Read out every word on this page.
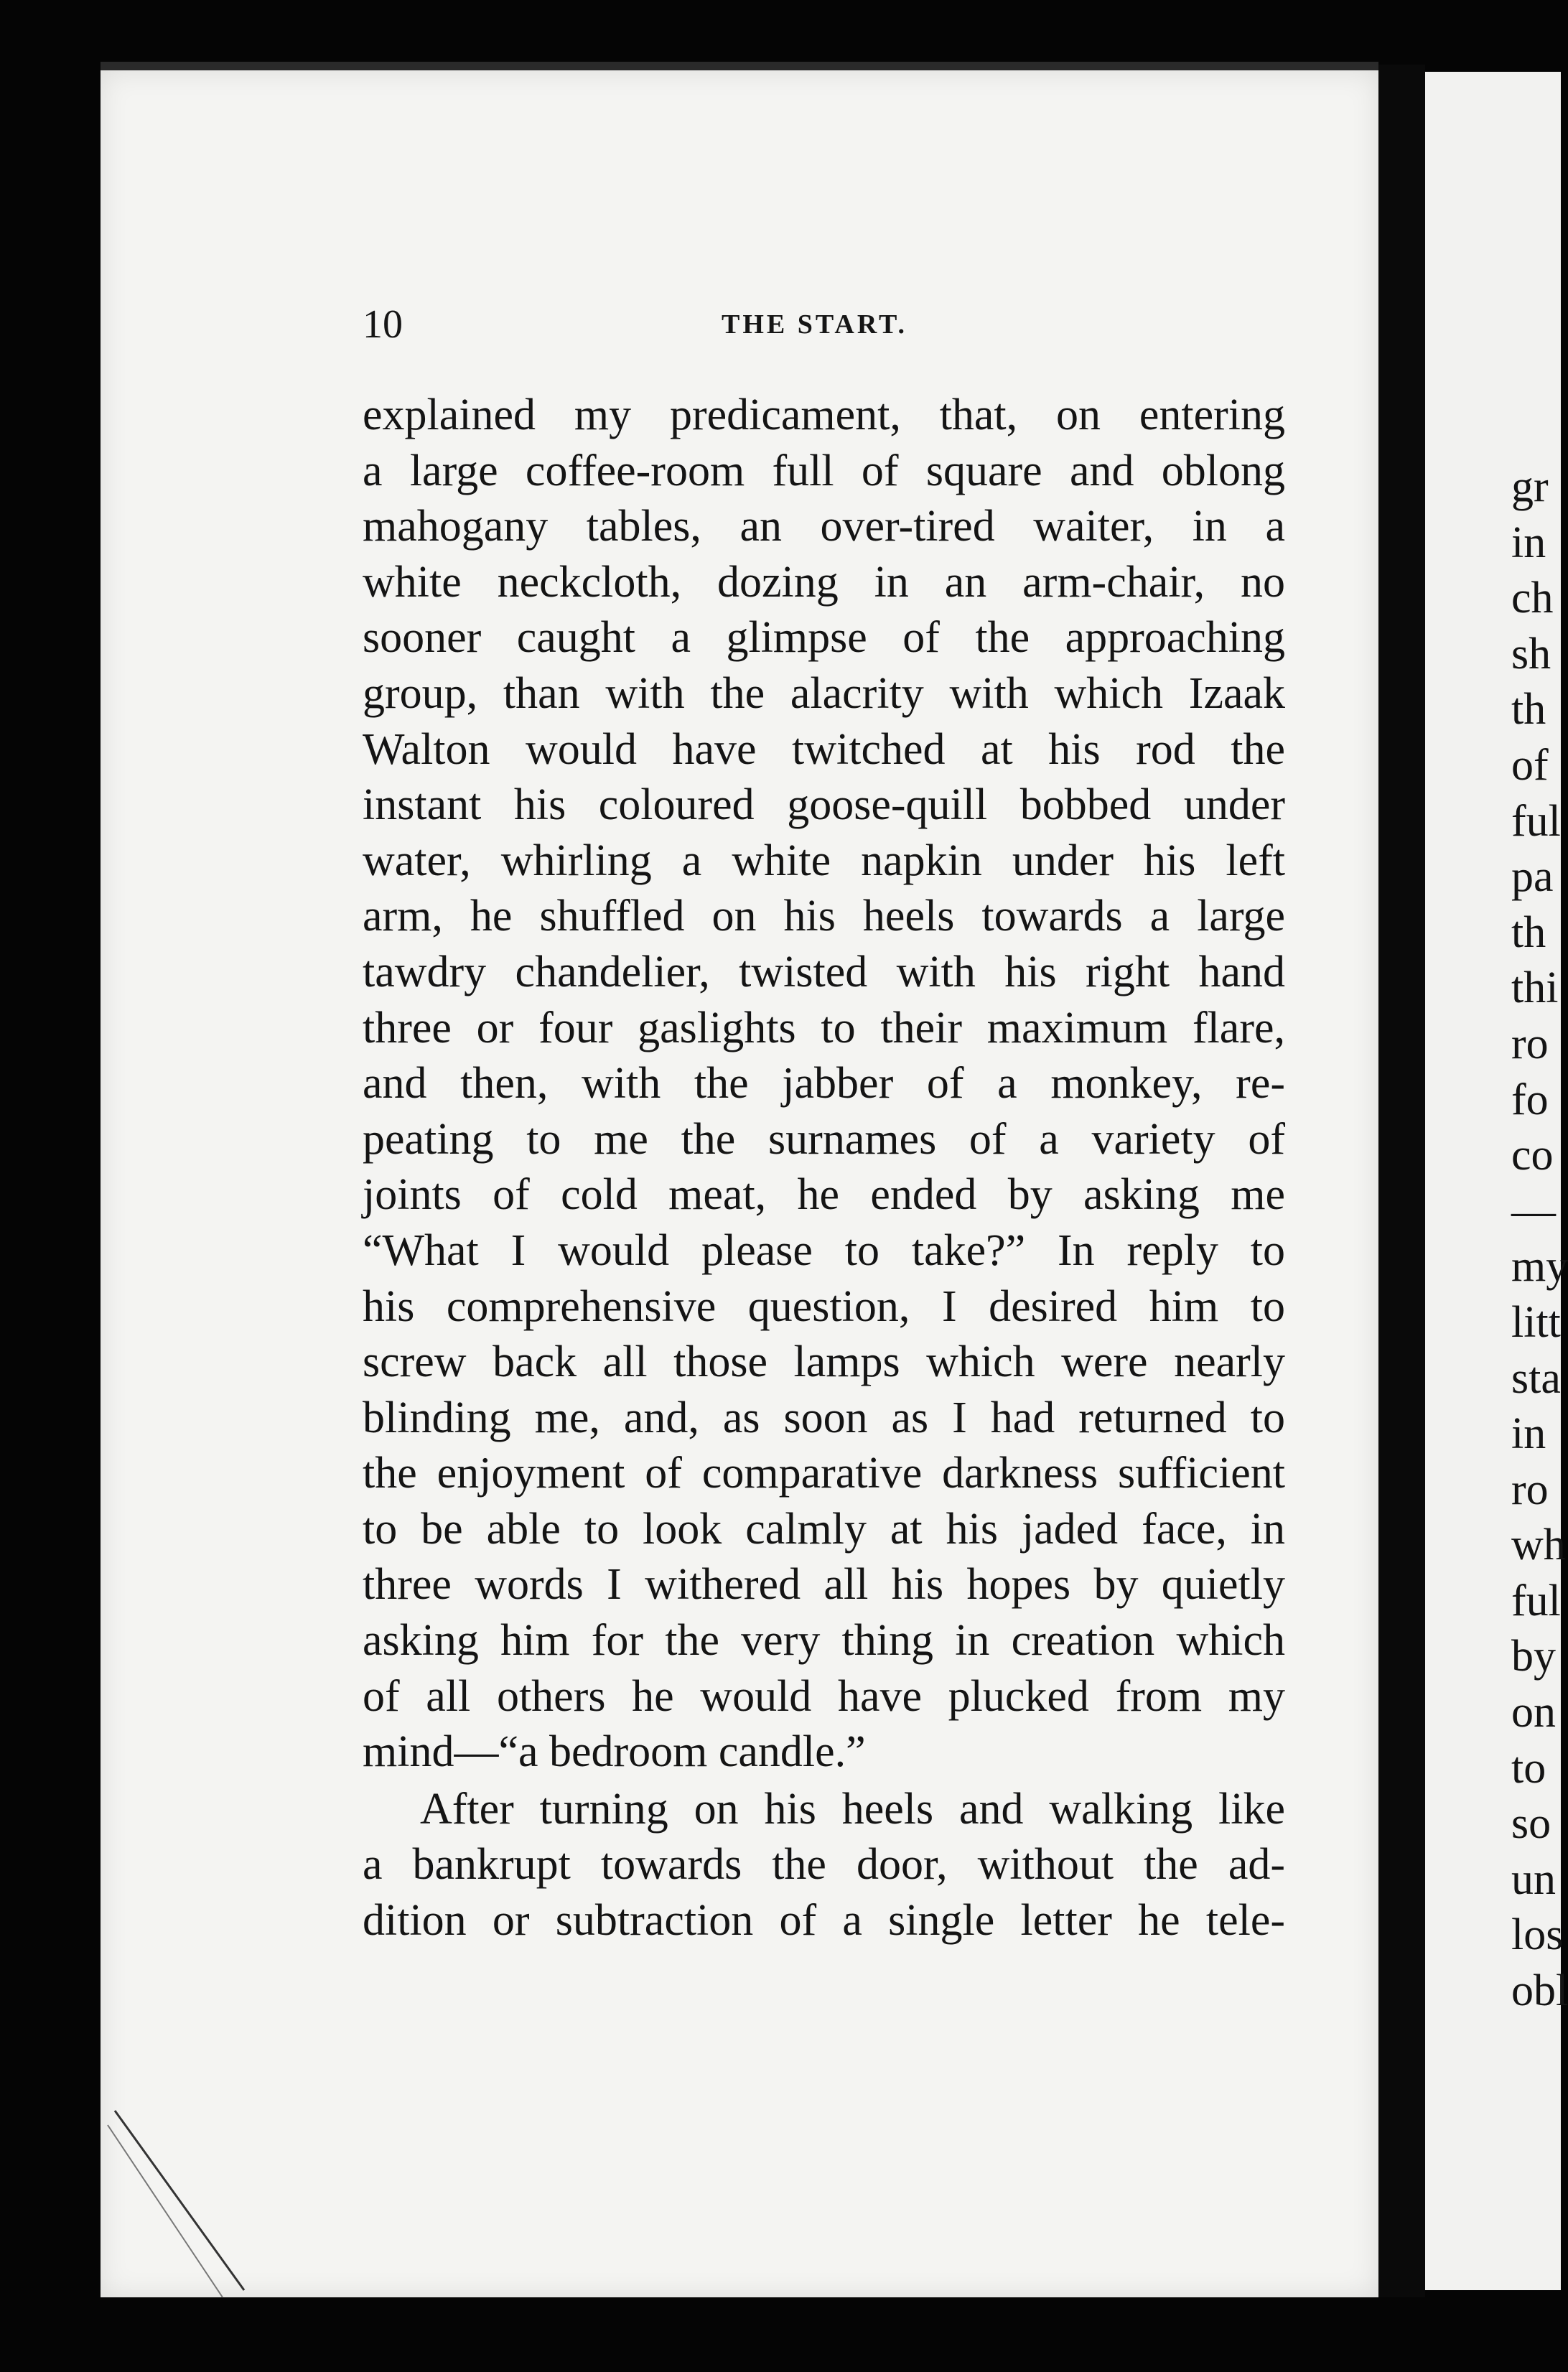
gr
in
ch
sh
th
of
ful
pa
th
thi
ro
fo
co
—
my
litt
sta
in
ro
wh
ful
by
on
to
so
un
los
obl
10	THE START.
explained my predicament, that, on entering
a large coffee-room full of square and oblong
mahogany tables, an over-tired waiter, in a
white neckcloth, dozing in an arm-chair, no
sooner caught a glimpse of the approaching
group, than with the alacrity with which Izaak
Walton would have twitched at his rod the
instant his coloured goose-quill bobbed under
water, whirling a white napkin under his left
arm, he shuffled on his heels towards a large
tawdry chandelier, twisted with his right hand
three or four gaslights to their maximum flare,
and then, with the jabber of a monkey, re-
peating to me the surnames of a variety of
joints of cold meat, he ended by asking me
“What I would please to take?” In reply to
his comprehensive question, I desired him to
screw back all those lamps which were nearly
blinding me, and, as soon as I had returned to
the enjoyment of comparative darkness sufficient
to be able to look calmly at his jaded face, in
three words I withered all his hopes by quietly
asking him for the very thing in creation which
of all others he would have plucked from my
mind—“a bedroom candle.”
After turning on his heels and walking like
a bankrupt towards the door, without the ad-
dition or subtraction of a single letter he tele-
